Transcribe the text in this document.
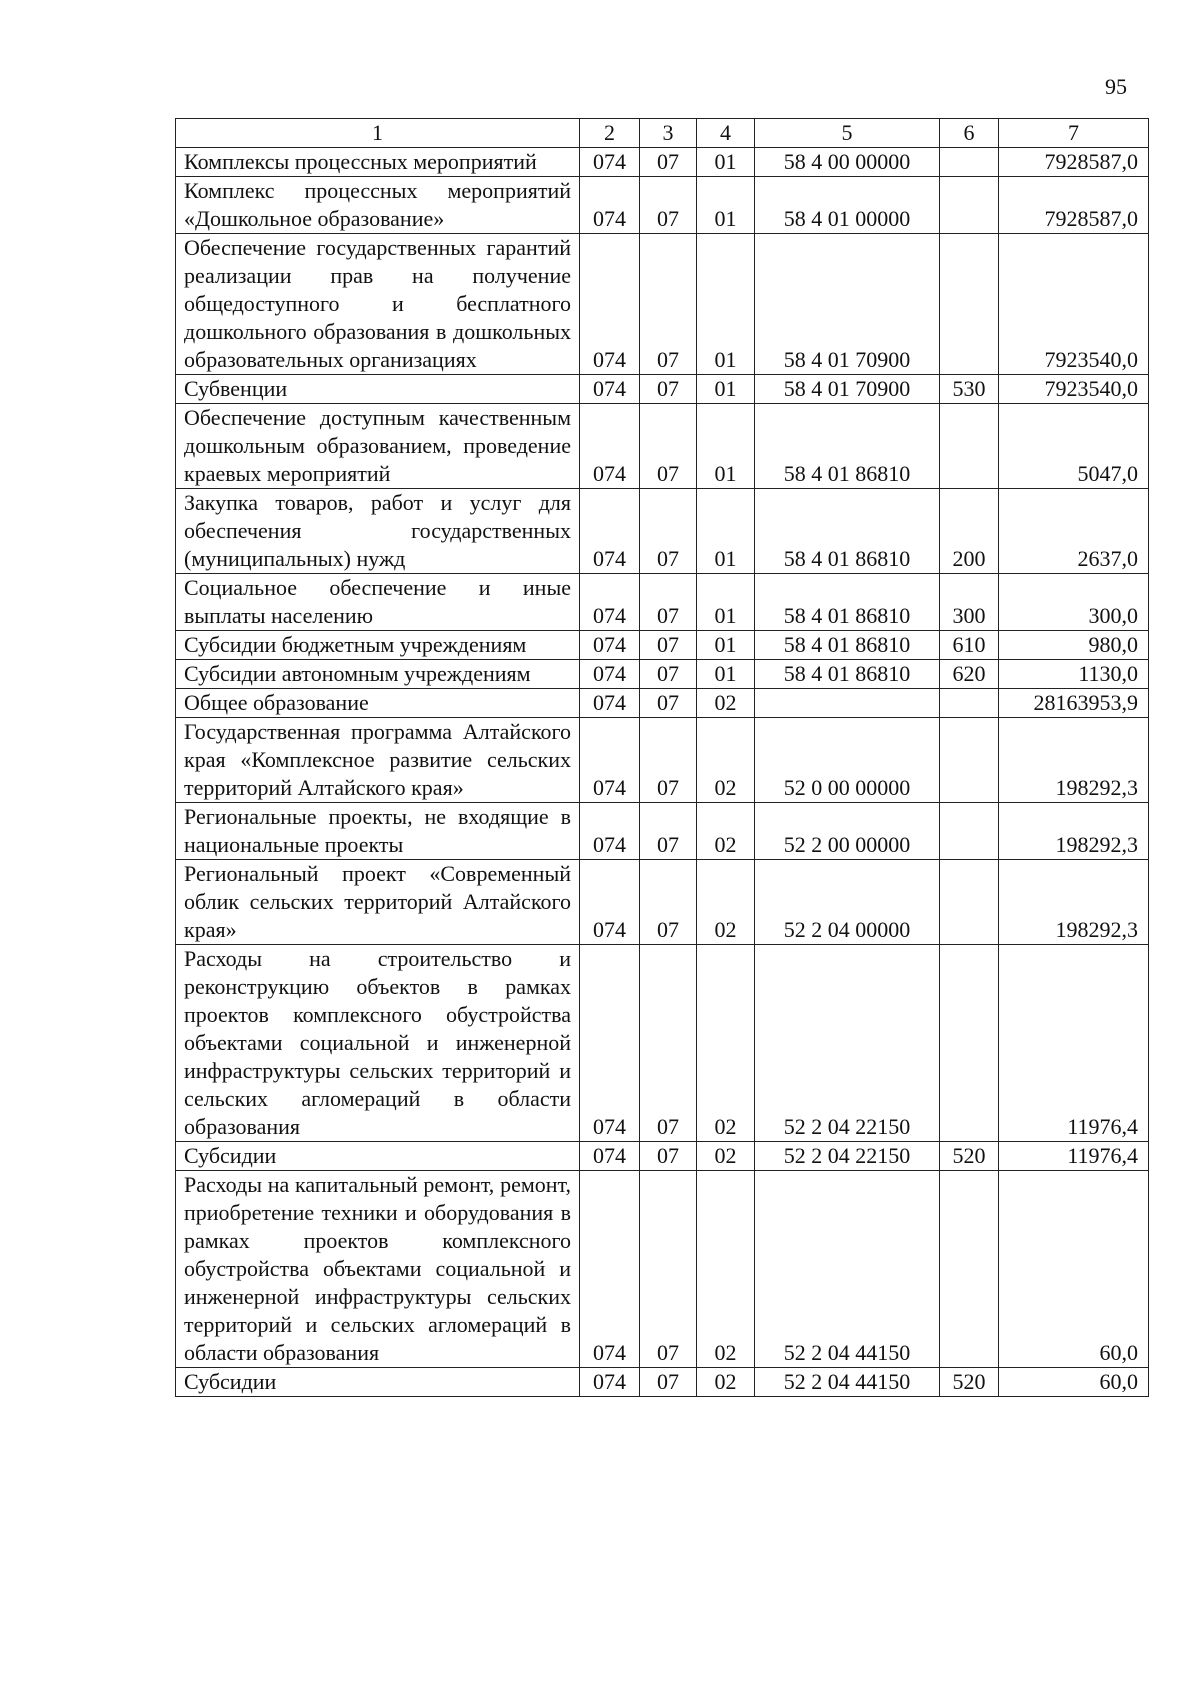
95
1	2	3	4	5	6	7
Комплексы процессных мероприятий	074	07	01	58 4 00 00000		7928587,0
Комплекс процессных мероприятий «Дошкольное образование»	074	07	01	58 4 01 00000		7928587,0
Обеспечение государственных гарантий реализации прав на получение общедоступного и бесплатного дошкольного образования в дошкольных образовательных организациях	074	07	01	58 4 01 70900		7923540,0
Субвенции	074	07	01	58 4 01 70900	530	7923540,0
Обеспечение доступным качественным дошкольным образованием, проведение краевых мероприятий	074	07	01	58 4 01 86810		5047,0
Закупка товаров, работ и услуг для обеспечения государственных (муниципальных) нужд	074	07	01	58 4 01 86810	200	2637,0
Социальное обеспечение и иные выплаты населению	074	07	01	58 4 01 86810	300	300,0
Субсидии бюджетным учреждениям	074	07	01	58 4 01 86810	610	980,0
Субсидии автономным учреждениям	074	07	01	58 4 01 86810	620	1130,0
Общее образование	074	07	02			28163953,9
Государственная программа Алтайского края «Комплексное развитие сельских территорий Алтайского края»	074	07	02	52 0 00 00000		198292,3
Региональные проекты, не входящие в национальные проекты	074	07	02	52 2 00 00000		198292,3
Региональный проект «Современный облик сельских территорий Алтайского края»	074	07	02	52 2 04 00000		198292,3
Расходы на строительство и реконструкцию объектов в рамках проектов комплексного обустройства объектами социальной и инженерной инфраструктуры сельских территорий и сельских агломераций в области образования	074	07	02	52 2 04 22150		11976,4
Субсидии	074	07	02	52 2 04 22150	520	11976,4
Расходы на капитальный ремонт, ремонт, приобретение техники и оборудования в рамках проектов комплексного обустройства объектами социальной и инженерной инфраструктуры сельских территорий и сельских агломераций в области образования	074	07	02	52 2 04 44150		60,0
Субсидии	074	07	02	52 2 04 44150	520	60,0
